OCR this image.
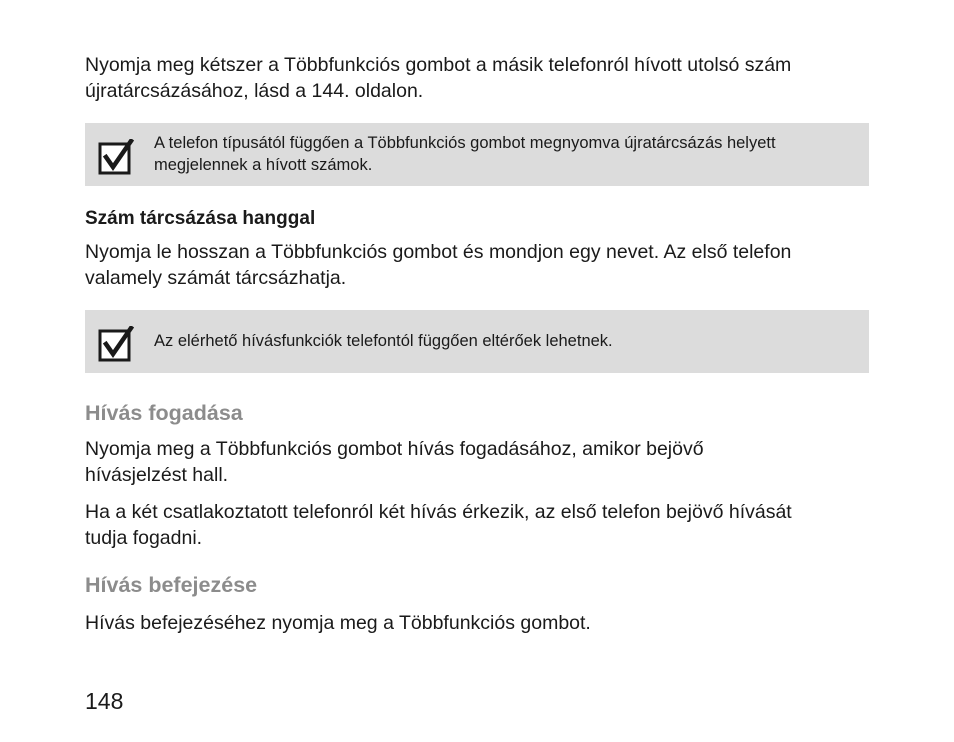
Nyomja meg kétszer a Többfunkciós gombot a másik telefonról hívott utolsó szám
újratárcsázásához, lásd a 144. oldalon.

A telefon típusától függően a Többfunkciós gombot megnyomva újratárcsázás helyett
megjelennek a hívott számok.

Szám tárcsázása hanggal

Nyomja le hosszan a Többfunkciós gombot és mondjon egy nevet. Az első telefon
valamely számát tárcsázhatja.

Az elérhető hívásfunkciók telefontól függően eltérőek lehetnek.

Hívás fogadása

Nyomja meg a Többfunkciós gombot hívás fogadásához, amikor bejövő
hívásjelzést hall.

Ha a két csatlakoztatott telefonról két hívás érkezik, az első telefon bejövő hívását
tudja fogadni.

Hívás befejezése

Hívás befejezéséhez nyomja meg a Többfunkciós gombot.

148
